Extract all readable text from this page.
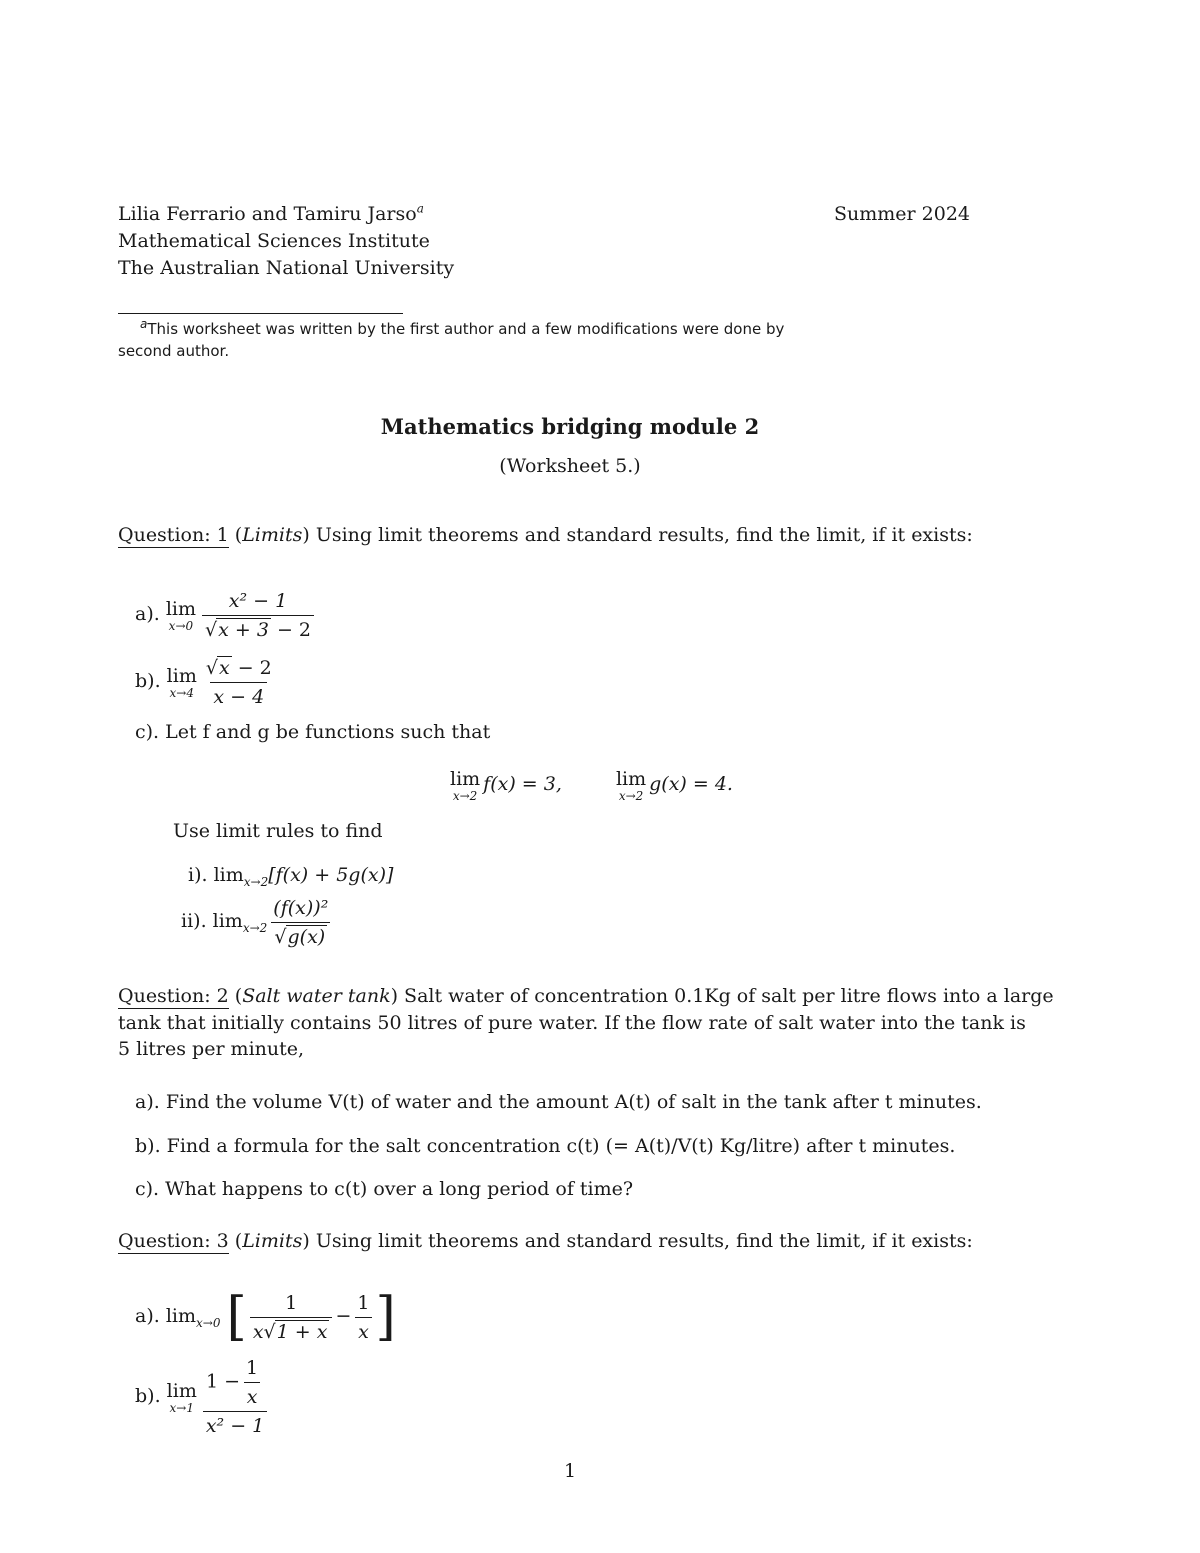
Lilia Ferrario and Tamiru Jarso$^a$	Summer 2024
Mathematical Sciences Institute
The Australian National University
$^a$This worksheet was written by the first author and a few modifications were done by
second author.
Mathematics bridging module 2
(Worksheet 5.)
Question: 1 (Limits) Using limit theorems and standard results, find the limit, if it exists:
a). lim
$x\to 0 \frac{\text{x² − 1}}{√x + 3 - 2}$
b). lim
$x\to 4 \frac{√x - 2}{x - 4}$
c). Let f and g be functions such that
lim
x→2
f(x) = 3,	lim
x→2
g(x) = 4.
Use limit rules to find
i). $\lim_{x\to 2}[f(x) + 5g(x)]$
ii). $\lim_{x\to 2} \frac{\text{(f(x))²}}{√g(x)}$
Question: 2 (Salt water tank) Salt water of concentration 0.1Kg of salt per litre flows into a large
tank that initially contains 50 litres of pure water. If the flow rate of salt water into the tank is
5 litres per minute,
a). Find the volume V(t) of water and the amount A(t) of salt in the tank after t minutes.
b). Find a formula for the salt concentration c(t) (= A(t)/V(t) Kg/litre) after t minutes.
c). What happens to c(t) over a long period of time?
Question: 3 (Limits) Using limit theorems and standard results, find the limit, if it exists:
a). $\lim_{x\to 0}$ [ $\frac{1}{x√1 + x} - \frac{1}{x}$ ]
b). lim
$x\to 1 \frac{1 - \frac{1}{x}}{\text{x² − 1}}$
1
